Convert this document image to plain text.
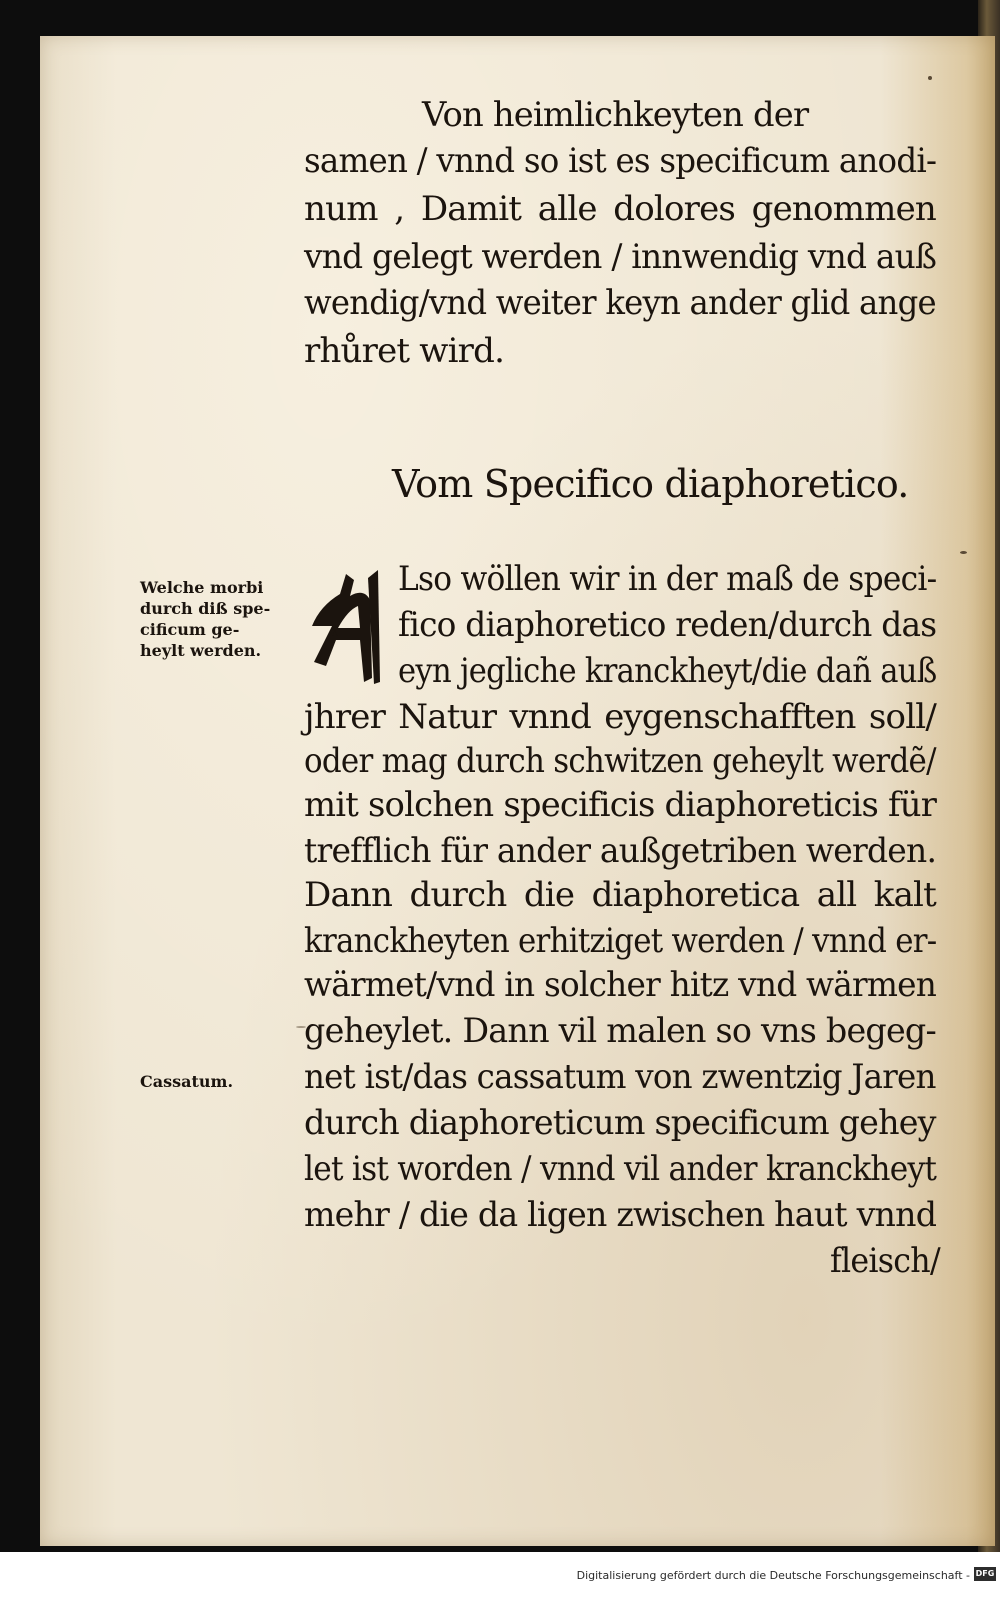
Von heimlichkeyten der
samen / vnnd so ist es specificum anodi-
num , Damit alle dolores genommen
vnd gelegt werden / innwendig vnd auß
wendig/vnd weiter keyn ander glid ange
rhůret wird.
Vom Specifico diaphoretico.
A
Lso wöllen wir in der maß de speci-
fico diaphoretico reden/durch das
eyn jegliche kranckheyt/die dañ auß
jhrer Natur vnnd eygenschafften soll/
oder mag durch schwitzen geheylt werdẽ/
mit solchen specificis diaphoreticis für
trefflich für ander außgetriben werden.
Dann durch die diaphoretica all kalt
kranckheyten erhitziget werden / vnnd er-
wärmet/vnd in solcher hitz vnd wärmen
geheylet. Dann vil malen so vns begeg-
net ist/das cassatum von zwentzig Jaren
durch diaphoreticum specificum gehey
let ist worden / vnnd vil ander kranckheyt
mehr / die da ligen zwischen haut vnnd
fleisch/
Welche morbi
durch diß spe-
cificum ge-
heylt werden.
Cassatum.
Digitalisierung gefördert durch die Deutsche Forschungsgemeinschaft - DFG
